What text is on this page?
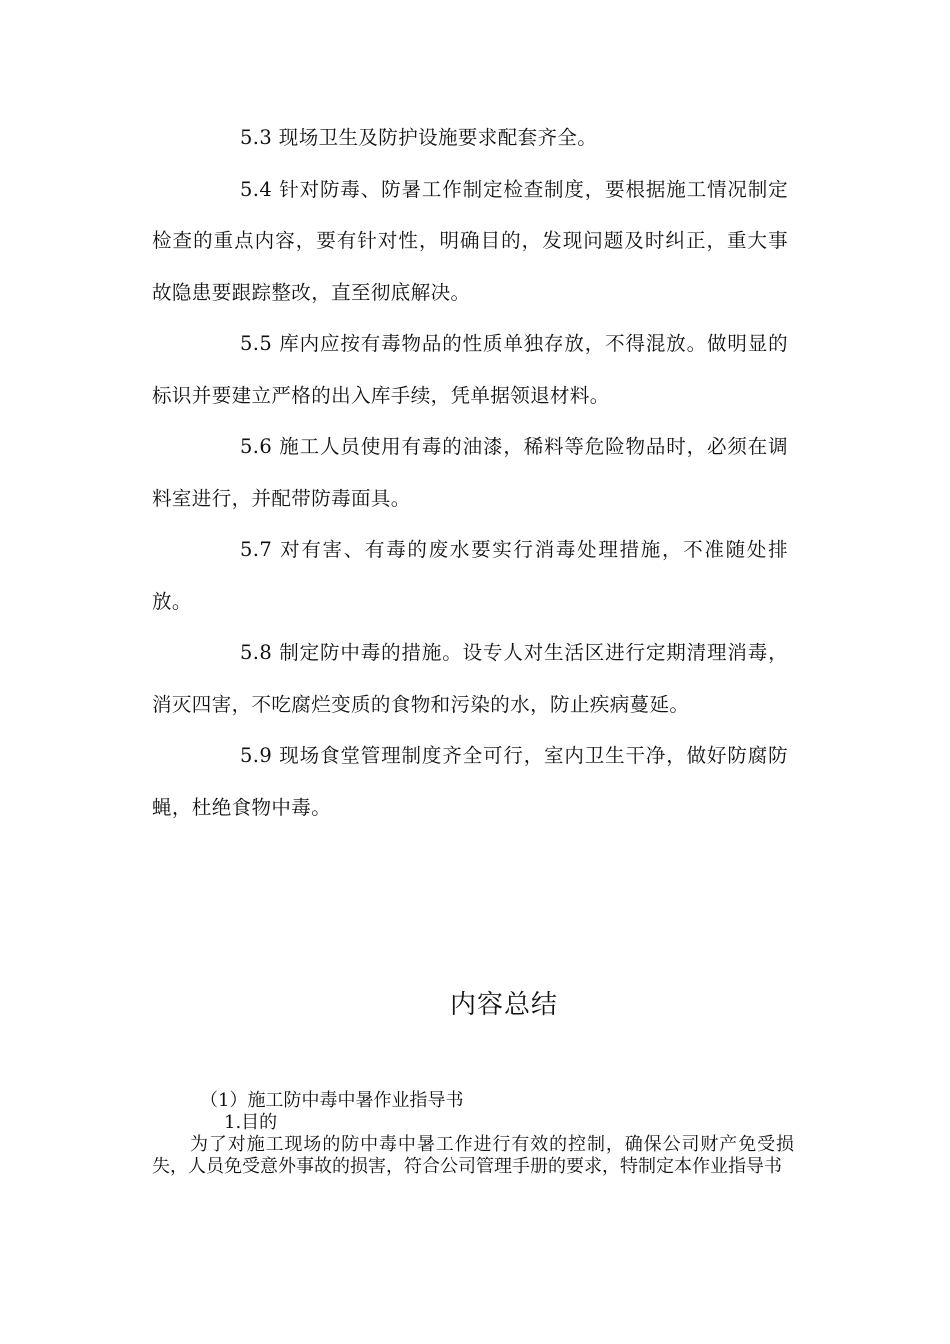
5.3 现场卫生及防护设施要求配套齐全。

5.4 针对防毒、防暑工作制定检查制度，要根据施工情况制定检查的重点内容，要有针对性，明确目的，发现问题及时纠正，重大事故隐患要跟踪整改，直至彻底解决。

5.5 库内应按有毒物品的性质单独存放，不得混放。做明显的标识并要建立严格的出入库手续，凭单据领退材料。

5.6 施工人员使用有毒的油漆，稀料等危险物品时，必须在调料室进行，并配带防毒面具。

5.7 对有害、有毒的废水要实行消毒处理措施，不准随处排放。

5.8 制定防中毒的措施。设专人对生活区进行定期清理消毒，消灭四害，不吃腐烂变质的食物和污染的水，防止疾病蔓延。

5.9 现场食堂管理制度齐全可行，室内卫生干净，做好防腐防蝇，杜绝食物中毒。

内容总结

（1）施工防中毒中暑作业指导书

1.目的

为了对施工现场的防中毒中暑工作进行有效的控制，确保公司财产免受损失，人员免受意外事故的损害，符合公司管理手册的要求，特制定本作业指导书
